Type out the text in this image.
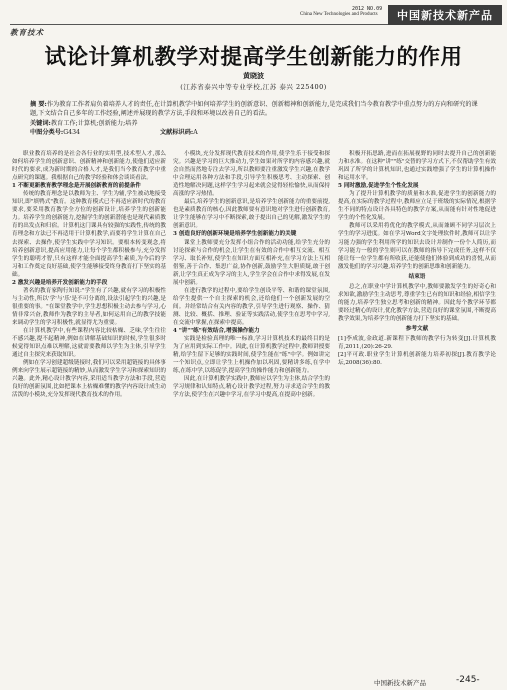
2012 NO.09
China New Technologies and Products	中国新技术新产品
教育技术
试论计算机教学对提高学生创新能力的作用
黄晓波
(江苏省泰兴中等专业学校,江苏 泰兴 225400)
摘 要:作为教育工作者肩负着培养人才的责任,在计算机教学中如何培养学生的创新意识、创新精神和创新能力,是完成我们当今教育教学中重点努力的方向和研究的课题,下文结合自己多年的工作经验,阐述并展现的教学方法,手段和环境以改善自己的看法。
关键词:教育工作;计算机;创新能力;培养
中图分类号:G434	文献标识码:A

职业教育培养的是社会各行业的实用型,技术型人才,那么如何培养学生的创新意识、创新精神和创新能力,使他们适应新时代的要求,成为新时期的合格人才,是我们当今教育教学中重点研究的课题。我根据自己的教学经验和体会谈谈看法。

1 不断更新教育教学理念是开展创新教育的前提条件

传统的教育理念是以教师为主、学生为辅,学生被动地接受知识,即"填鸭式"教育。这种教育模式已不再适应新时代的教育要求,要采用教育教学全方位的创新设计,培养学生的创新能力。培养学生的创新能力,挖掘学生的创新潜能也是现代素质教育的出发点和归宿。计算机这门课具有较强的实践性,传统的教育理念和方法已不再适用于计算机教学,而要将学生计算在自己去探索、去操作,使学生实践中学习知识。要根本转变观念,将培养创新意识,提高应用能力,让每个学生都积极参与,充分发挥学生的聪明才智,只有这样才能全面提高学生素质,为今后的学习和工作奠定良好基础,使学生能够接受终身教育打下坚实的基础。

2 激发兴趣是培养开发创新能力的手段

著名的教育家陶行知说:"学生有了兴趣,就有学习的积极性与主动性,所以'学'与'乐'是不可分离的,设法引起学生的兴趣,是很重要的事。"在课堂教学中,学生思想积极主动去参与学习,心情非常兴奋,教师作为教学的主导者,如何运用自己的教学技能来调动学生的学习积极性,就显得尤为重要。

在计算机教学中,有些课程内容比较枯燥、乏味,学生往往不感兴趣,提不起精神,例如在讲解基础知识的时候,学生很多时候觉得知识点难以理解,这就需要教师以学生为主体,引导学生通过自主探究来获取知识。

例如在学习创建超级链接时,我们可以采用超链接的具体事例来向学生展示超链接的精妙,从而激发学生学习和探索知识的兴趣。此外,精心设计教学内容,采用适当教学方法和手段,营造良好的创新氛围,比如把课本上枯燥难懂的教学内容设计成生动活泼的小模块,充分发挥现代教育技术的作用。

小模块,充分发挥现代教育技术的作用,使学生乐于接受和探究。兴趣是学习的巨大推动力,学生如果对所学的内容感兴趣,就会自然而然地专注去学习,所以教师要注重激发学生兴趣,在教学中合理运用各种方法和手段,引导学生积极思考、主动探索、创造性地解决问题,这样学生学习起来就会觉得轻松愉快,从而保持高涨的学习热情。

最后,培养学生的创新意识,是培养学生创新能力的重要前提,也是素质教育的核心,因此教师要有意识地对学生进行创新教育,让学生能够在学习中不断探索,敢于提出自己的见解,激发学生的创新意识。

3 创造良好的创新环境是培养学生创新能力的关键

课堂上教师要充分发挥小组合作的活动功能,给学生充分的讨论探索与合作的机会,让学生在有效的合作中相互交流、相互学习、取长补短,使学生在知识方面互相补充,在学习方法上互相借鉴,善于合作、集思广益,协作创新,鼓励学生大胆质疑,敢于创新,让学生真正成为学习的主人,学生学会在合作中求得发展,在发展中创新。

在进行教学的过程中,要给学生创设平等、和谐的课堂氛围,给学生提供一个自主探索的机会,还给他们一个创新发展的空间。并经常结合有关内容的教学,引导学生进行观察、操作、猜测、比较、概括、推理、验证等实践活动,使学生在思考中学习,在交流中掌握,在探索中提高。

4 "讲""练"有效结合,增强操作能力

实践是检验真理的唯一标准,学习计算机技术的最终目的是为了应用到实际工作中。因此,在计算机教学过程中,教师讲授要精,给学生留下足够的实践时间,使学生能在"练"中学。例如讲完一个知识点,立即让学生上机操作加以巩固,要精讲多练,在学中练,在练中学,以练促学,提高学生的操作能力和创新能力。

因此,在计算机教学实践中,教师应以学生为主体,结合学生的学习规律和认知特点,精心设计教学过程,努力寻求适合学生的教学方法,使学生在兴趣中学习,在学习中提高,在提高中创新。

积极开拓思路,进而在拓展视野的同时去提升自己的创新能力和水准。在这种"讲""练"交替的学习方式下,不仅帮助学生有效巩固了所学的计算机知识,也通过实践增强了学生的计算机操作和运用水平。

5 同时激励,促进学生个性化发展

为了提升计算机教学的质量和水准,促进学生的创新能力的提高,在实际的教学过程中,教师应立足于班级的实际情况,根据学生不同的特点设计各具特色的教学方案,从而能有针对性地促进学生的个性化发展。

教师可以采用将优化的教学模式,从而兼顾不同学习层次上学生的学习进度。如在学习Word文字处理软件时,教师可以让学习能力强的学生利用所学的知识去设计并制作一份个人简历,而学习能力一般的学生则可以在教师的指导下完成任务,这样不仅能让每一位学生都有所收获,还能使他们体验到成功的喜悦,从而激发他们的学习兴趣,培养学生的创新思维和创新能力。

结束语

总之,在职业中学计算机教学中,教师要激发学生的好奇心和求知欲,激励学生主动思考,尊重学生已有的知识和经验,相信学生的能力,培养学生独立思考和创新的精神。因此每个教学环节都要经过精心的设计,优化教学方法,营造良好的课堂氛围,不断提高教学效果,为培养学生的创新能力打下坚实的基础。

参考文献

[1]李成波,金政道.新课程下教师的教学行为转变[J].计算机教育,2011,(20):26-29.

[2]平可政.职业学生计算机创新能力培养初探[J].教育教学论坛,2008(36):80.

中国新技术新产品	-245-
